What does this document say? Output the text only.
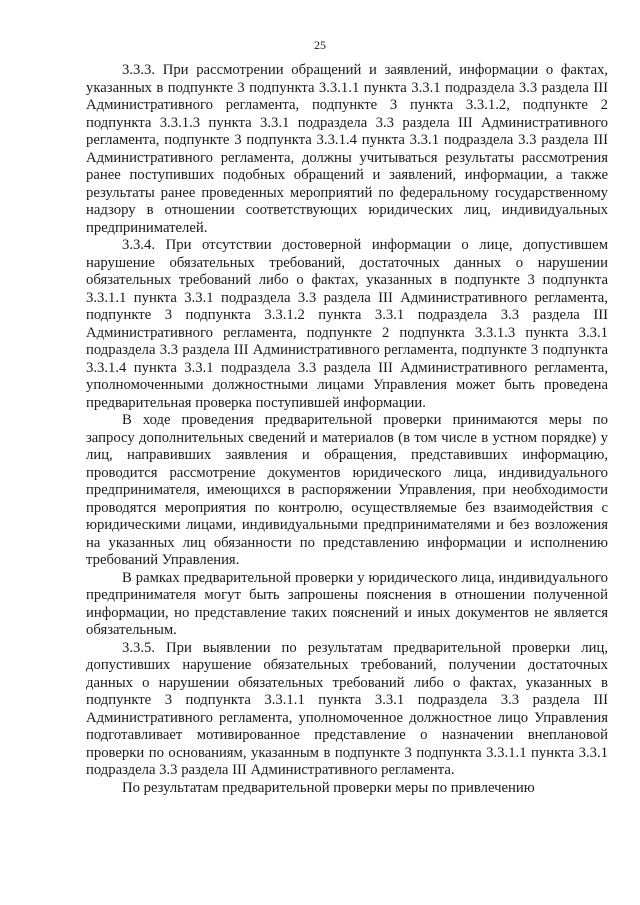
25

3.3.3. При рассмотрении обращений и заявлений, информации о фактах, указанных в подпункте 3 подпункта 3.3.1.1 пункта 3.3.1 подраздела 3.3 раздела III Административного регламента, подпункте 3 пункта 3.3.1.2, подпункте 2 подпункта 3.3.1.3 пункта 3.3.1 подраздела 3.3 раздела III Административного регламента, подпункте 3 подпункта 3.3.1.4 пункта 3.3.1 подраздела 3.3 раздела III Административного регламента, должны учитываться результаты рассмотрения ранее поступивших подобных обращений и заявлений, информации, а также результаты ранее проведенных мероприятий по федеральному государственному надзору в отношении соответствующих юридических лиц, индивидуальных предпринимателей.

3.3.4. При отсутствии достоверной информации о лице, допустившем нарушение обязательных требований, достаточных данных о нарушении обязательных требований либо о фактах, указанных в подпункте 3 подпункта 3.3.1.1 пункта 3.3.1 подраздела 3.3 раздела III Административного регламента, подпункте 3 подпункта 3.3.1.2 пункта 3.3.1 подраздела 3.3 раздела III Административного регламента, подпункте 2 подпункта 3.3.1.3 пункта 3.3.1 подраздела 3.3 раздела III Административного регламента, подпункте 3 подпункта 3.3.1.4 пункта 3.3.1 подраздела 3.3 раздела III Административного регламента, уполномоченными должностными лицами Управления может быть проведена предварительная проверка поступившей информации.

В ходе проведения предварительной проверки принимаются меры по запросу дополнительных сведений и материалов (в том числе в устном порядке) у лиц, направивших заявления и обращения, представивших информацию, проводится рассмотрение документов юридического лица, индивидуального предпринимателя, имеющихся в распоряжении Управления, при необходимости проводятся мероприятия по контролю, осуществляемые без взаимодействия с юридическими лицами, индивидуальными предпринимателями и без возложения на указанных лиц обязанности по представлению информации и исполнению требований Управления.

В рамках предварительной проверки у юридического лица, индивидуального предпринимателя могут быть запрошены пояснения в отношении полученной информации, но представление таких пояснений и иных документов не является обязательным.

3.3.5. При выявлении по результатам предварительной проверки лиц, допустивших нарушение обязательных требований, получении достаточных данных о нарушении обязательных требований либо о фактах, указанных в подпункте 3 подпункта 3.3.1.1 пункта 3.3.1 подраздела 3.3 раздела III Административного регламента, уполномоченное должностное лицо Управления подготавливает мотивированное представление о назначении внеплановой проверки по основаниям, указанным в подпункте 3 подпункта 3.3.1.1 пункта 3.3.1 подраздела 3.3 раздела III Административного регламента.

По результатам предварительной проверки меры по привлечению
